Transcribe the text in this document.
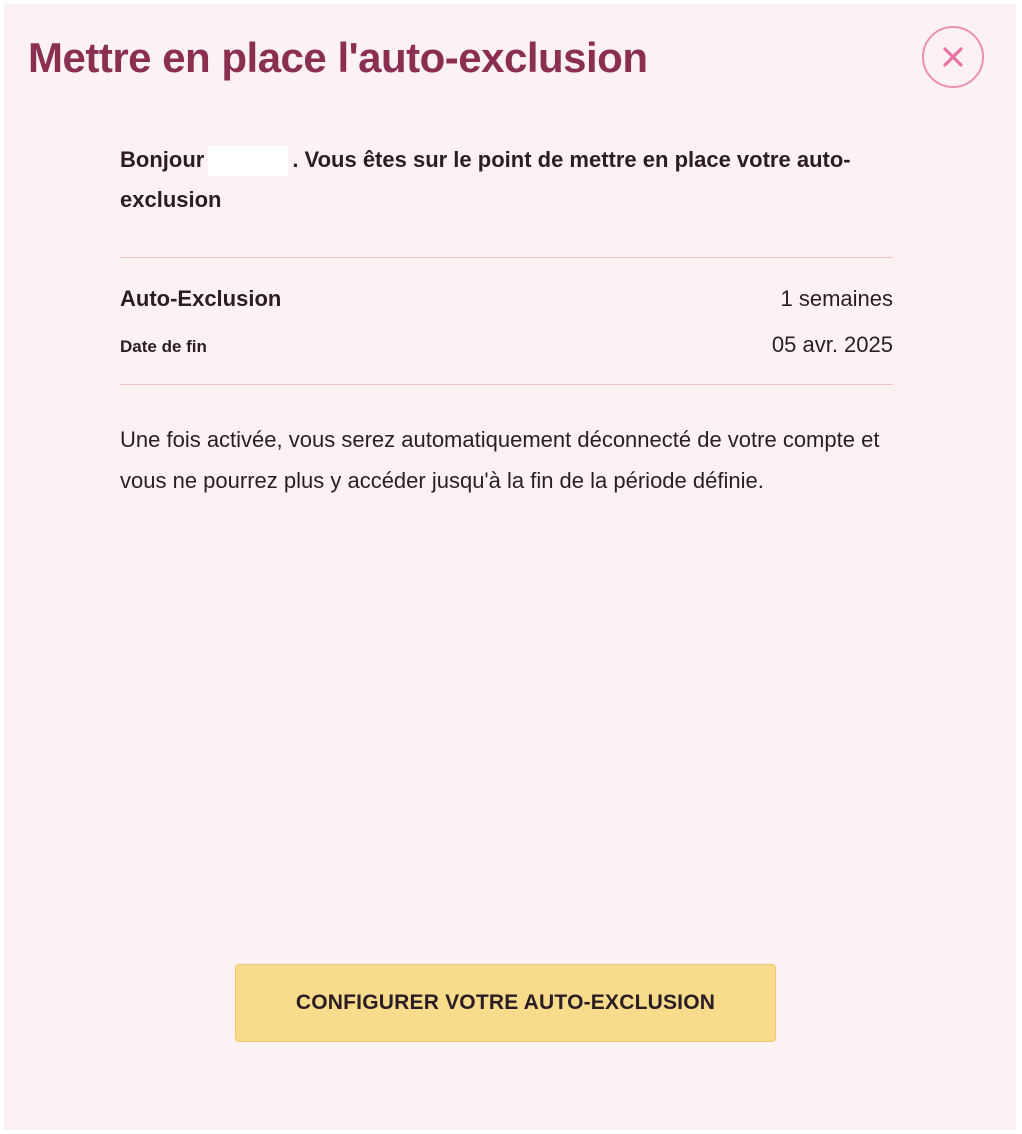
Mettre en place l'auto-exclusion

Bonjour	. Vous êtes sur le point de mettre en place votre auto-exclusion

Auto-Exclusion	1 semaines
Date de fin	05 avr. 2025

Une fois activée, vous serez automatiquement déconnecté de votre compte et vous ne pourrez plus y accéder jusqu'à la fin de la période définie.

CONFIGURER VOTRE AUTO-EXCLUSION
